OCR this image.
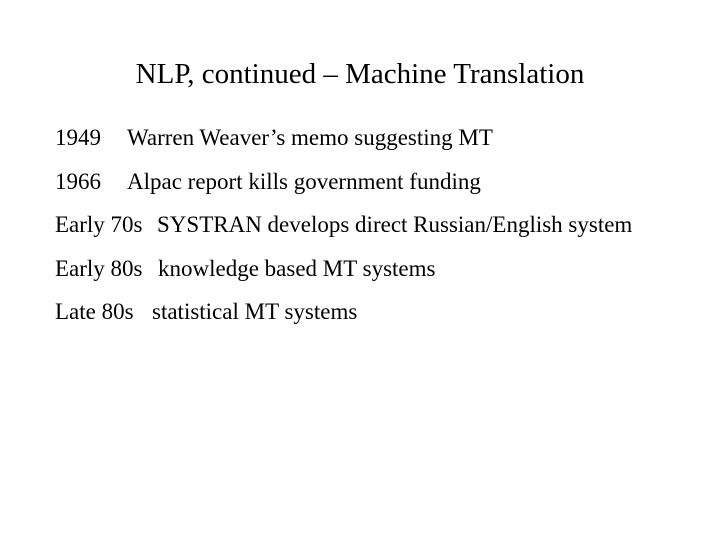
NLP, continued – Machine Translation
1949 Warren Weaver’s memo suggesting MT
1966 Alpac report kills government funding
Early 70s SYSTRAN develops direct Russian/English system
Early 80s knowledge based MT systems
Late 80s statistical MT systems
